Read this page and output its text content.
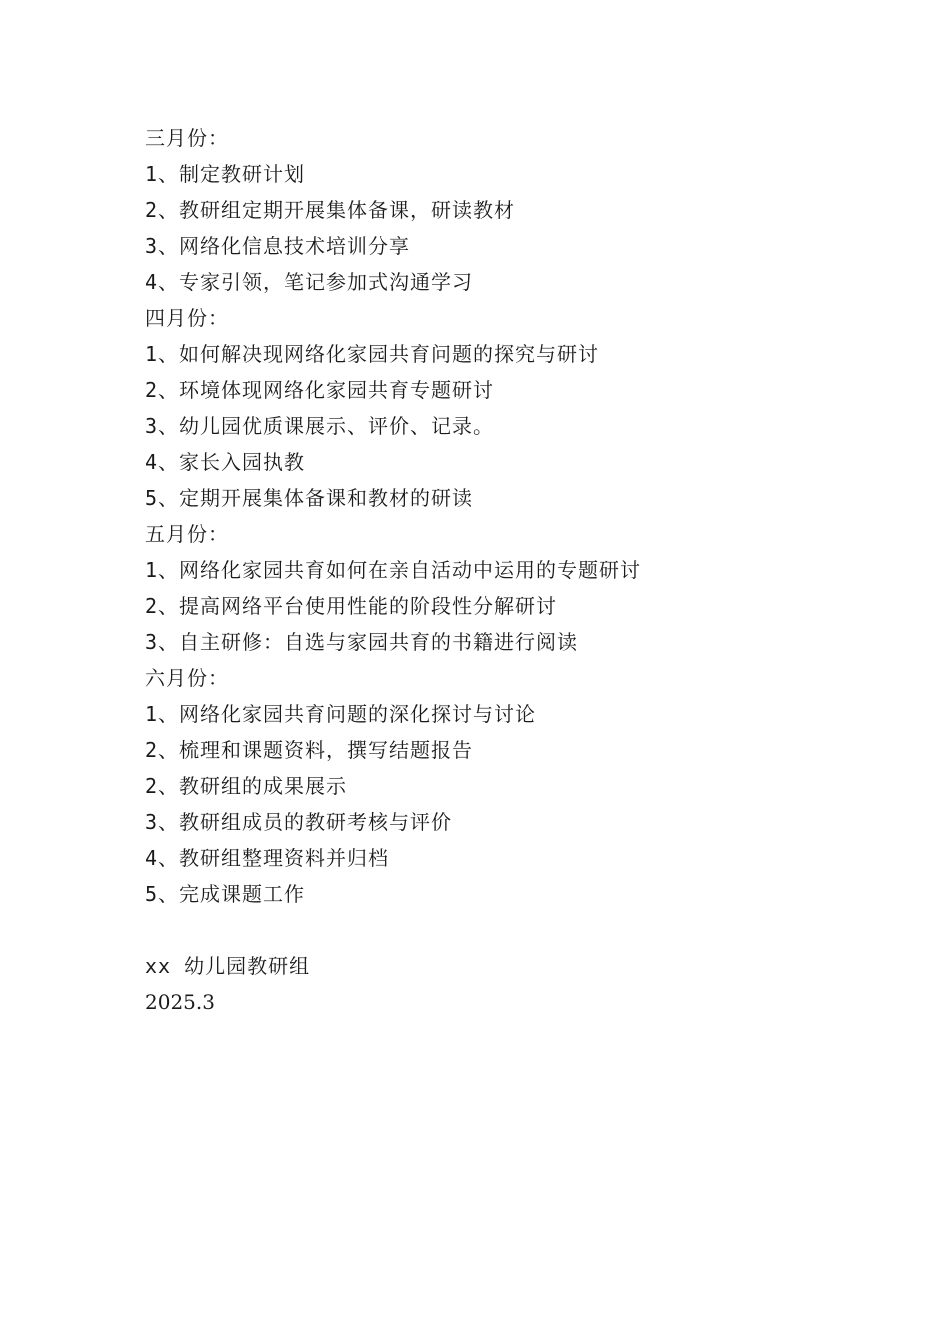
三月份：
1、制定教研计划
2、教研组定期开展集体备课，研读教材
3、网络化信息技术培训分享
4、专家引领，笔记参加式沟通学习
四月份：
1、如何解决现网络化家园共育问题的探究与研讨
2、环境体现网络化家园共育专题研讨
3、幼儿园优质课展示、评价、记录。
4、家长入园执教
5、定期开展集体备课和教材的研读
五月份：
1、网络化家园共育如何在亲自活动中运用的专题研讨
2、提高网络平台使用性能的阶段性分解研讨
3、自主研修：自选与家园共育的书籍进行阅读
六月份：
1、网络化家园共育问题的深化探讨与讨论
2、梳理和课题资料，撰写结题报告
2、教研组的成果展示
3、教研组成员的教研考核与评价
4、教研组整理资料并归档
5、完成课题工作
xx 幼儿园教研组
2025.3
